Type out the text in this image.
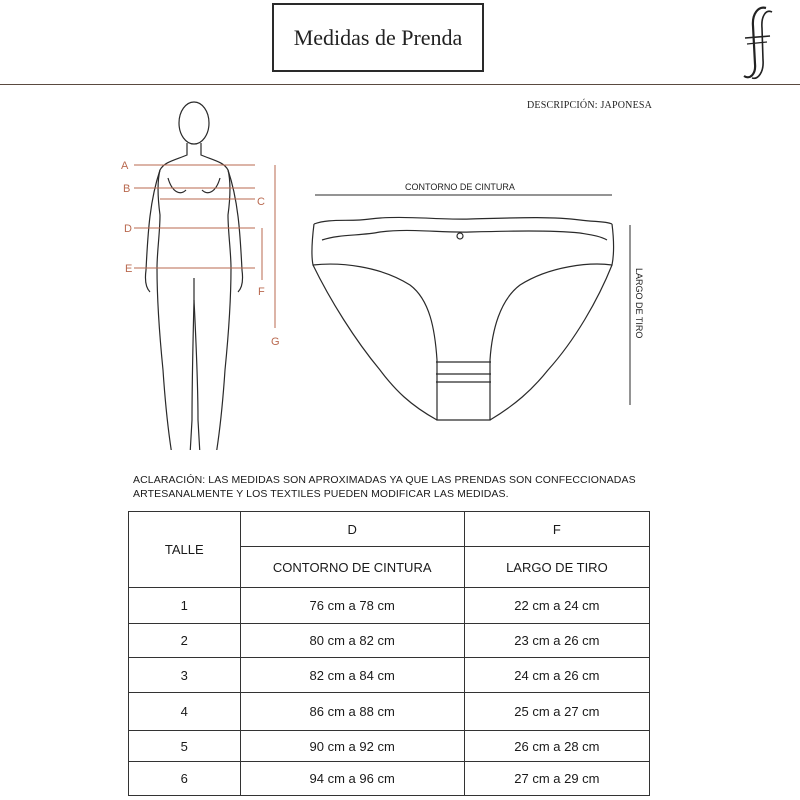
Medidas de Prenda
DESCRIPCIÓN: JAPONESA
A
B
C
D
E
F
G
CONTORNO DE CINTURA
LARGO DE TIRO
ACLARACIÓN: LAS MEDIDAS SON APROXIMADAS YA QUE LAS PRENDAS SON CONFECCIONADAS ARTESANALMENTE Y LOS TEXTILES PUEDEN MODIFICAR LAS MEDIDAS.
TALLE	D	F
	CONTORNO DE CINTURA	LARGO DE TIRO
1	76 cm a 78 cm	22 cm a 24 cm
2	80 cm a 82 cm	23 cm a 26 cm
3	82 cm a 84 cm	24 cm a 26 cm
4	86 cm a 88 cm	25 cm a 27 cm
5	90 cm a 92 cm	26 cm a 28 cm
6	94 cm a 96 cm	27 cm a 29 cm
